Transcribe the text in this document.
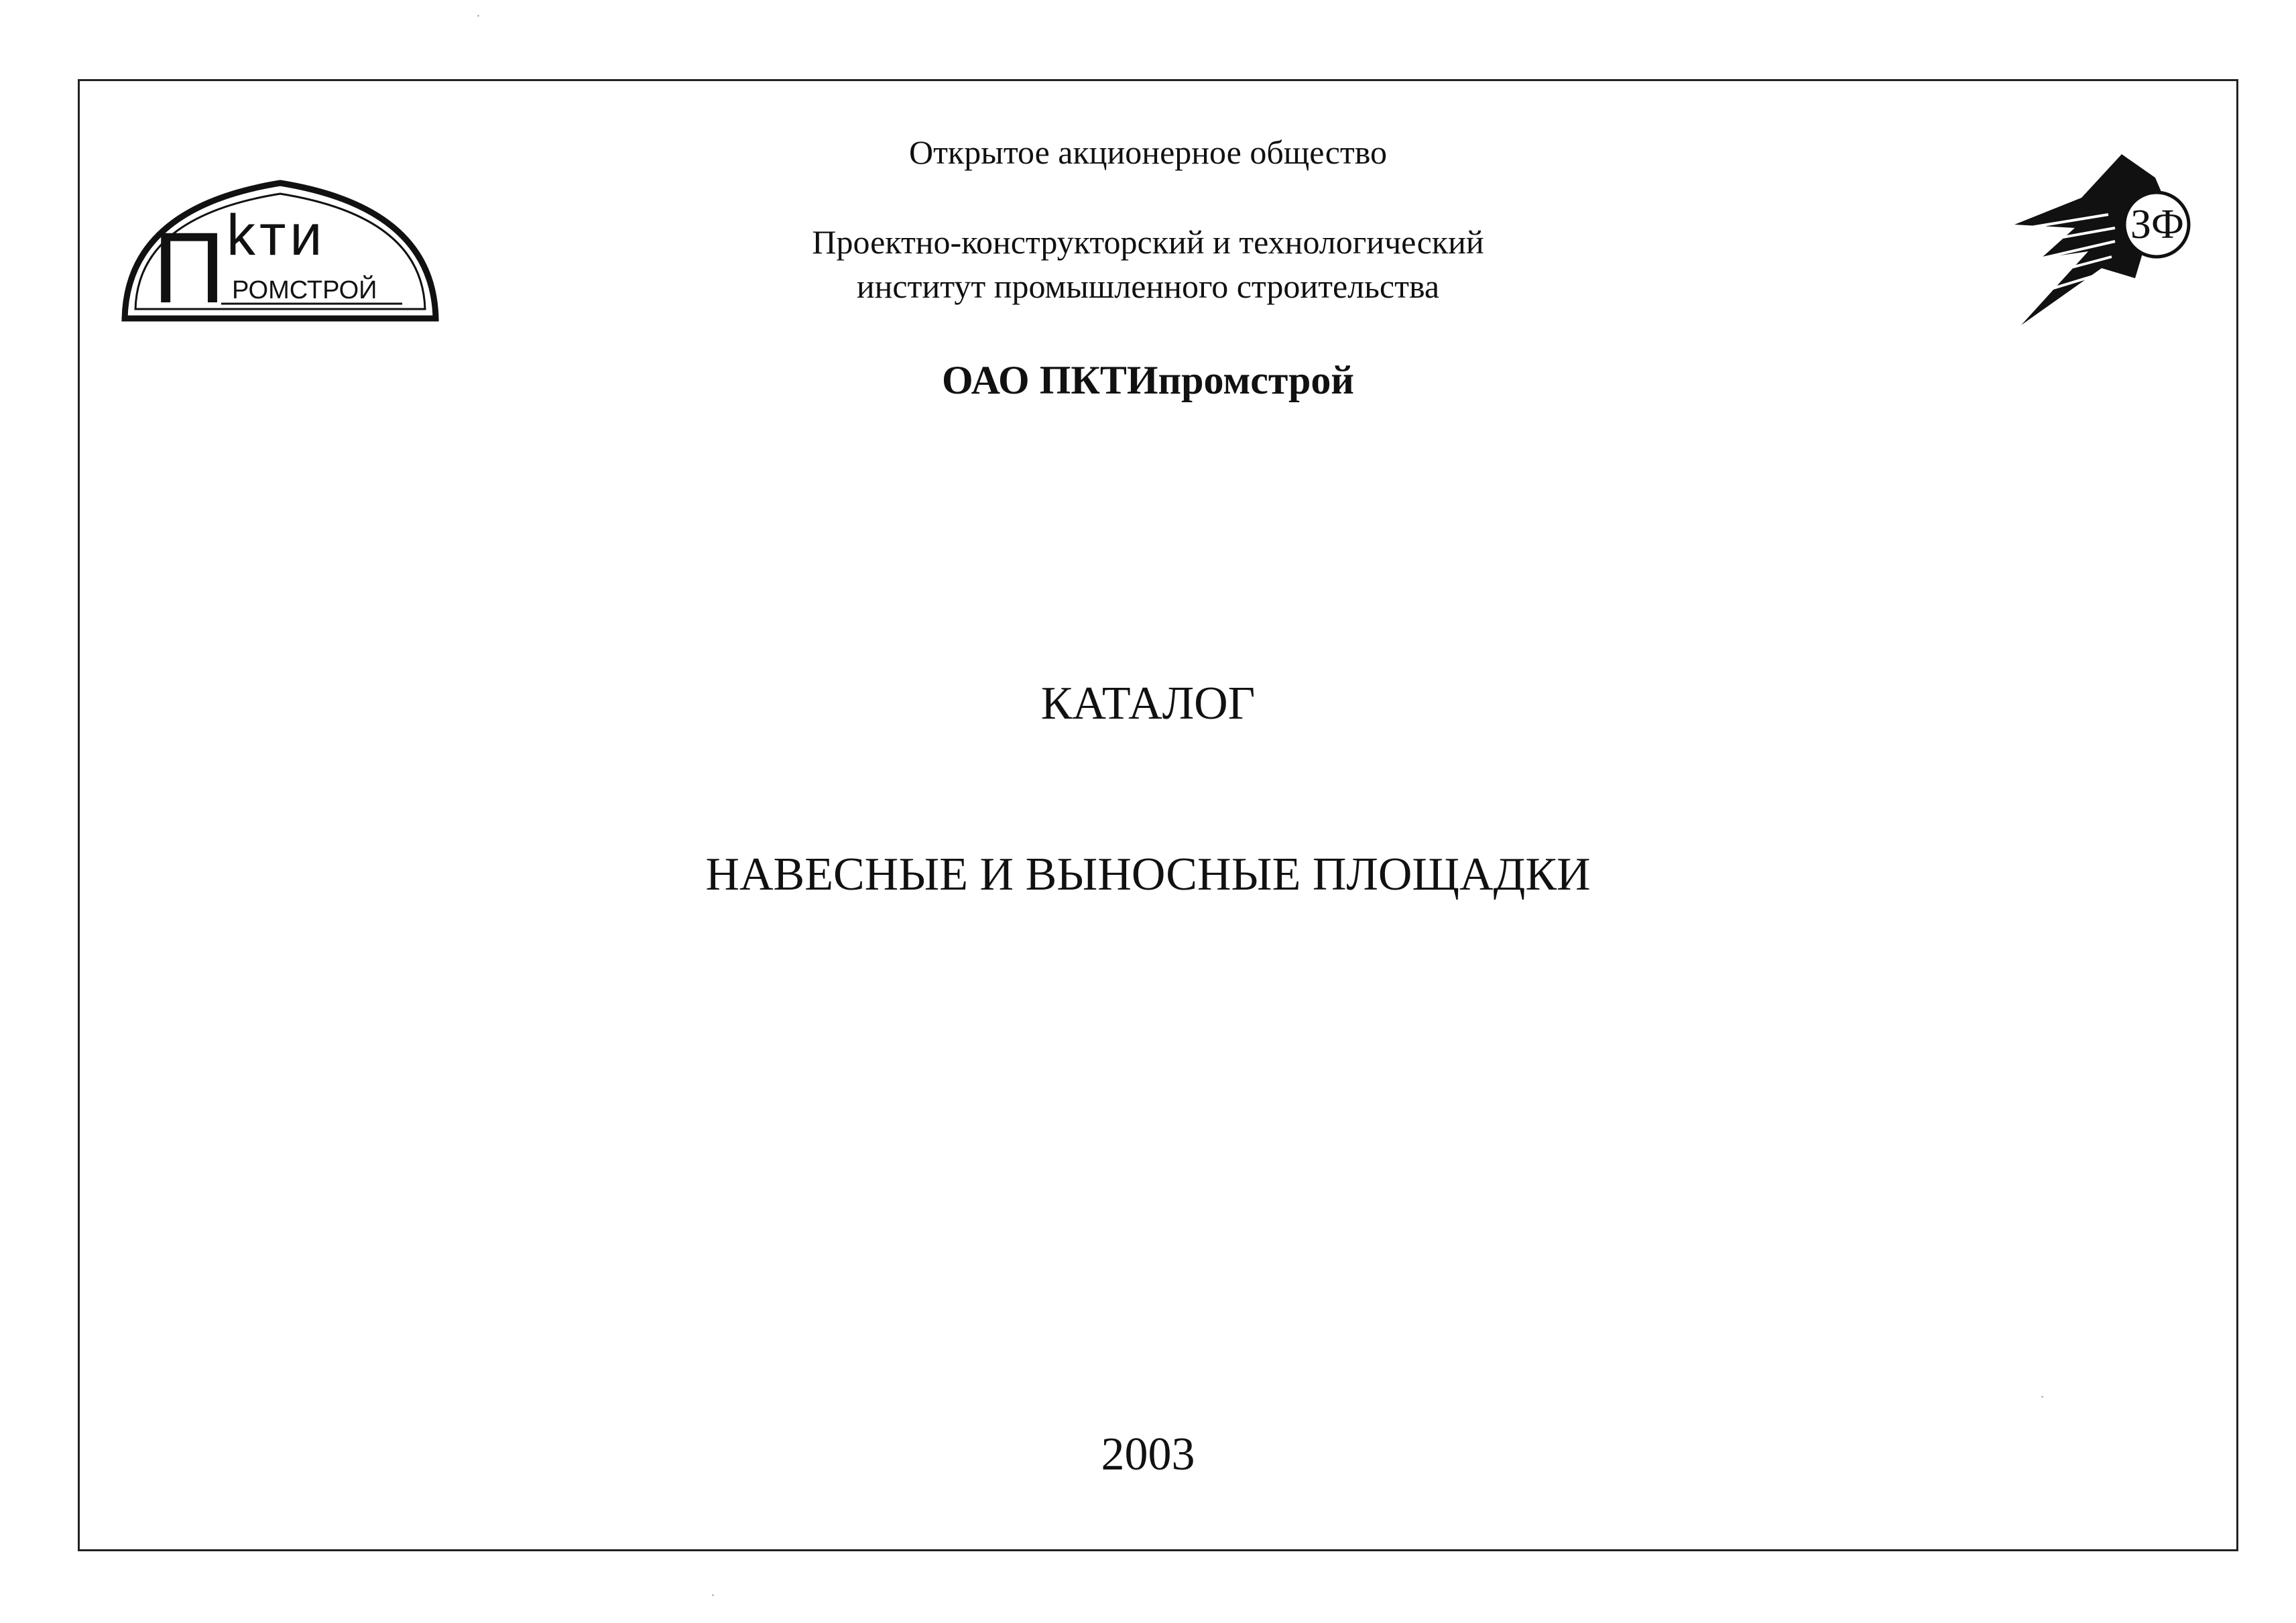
П kти
РОМСТРОЙ
ЗФ
Открытое акционерное общество
Проектно-конструкторский и технологический
институт промышленного строительства
ОАО ПКТИпромстрой
КАТАЛОГ
НАВЕСНЫЕ И ВЫНОСНЫЕ ПЛОЩАДКИ
2003
